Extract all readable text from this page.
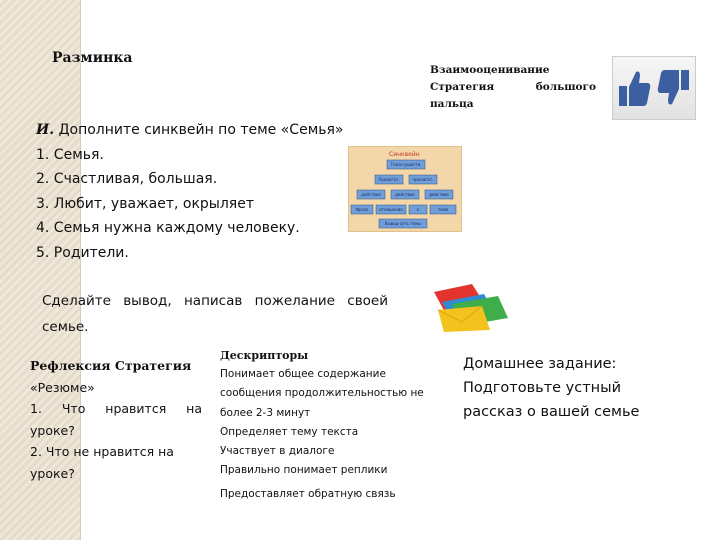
Разминка
Взаимооценивание
Стратегия	большого
пальца
И. Дополните синквейн по теме «Семья»
1. Семья.
2. Счастливая, большая.
3. Любит, уважает, окрыляет
4. Семья нужна каждому человеку.
5. Родители.
Синквейн
Тема-существ.
Прилагат.	прилагат.
действие	действие	действие
Фраза	отношение	к	теме
Вывод-суть темы
Сделайте вывод, написав пожелание своей семье.
Рефлексия Стратегия
«Резюме»
1. Что нравится на
уроке?
2. Что не нравится на
уроке?
Дескрипторы
Понимает общее содержание сообщения продолжительностью не более 2-3 минут
Определяет тему текста
Участвует в диалоге
Правильно понимает реплики
Предоставляет обратную связь
Домашнее задание:
Подготовьте устный рассказ о вашей семье
